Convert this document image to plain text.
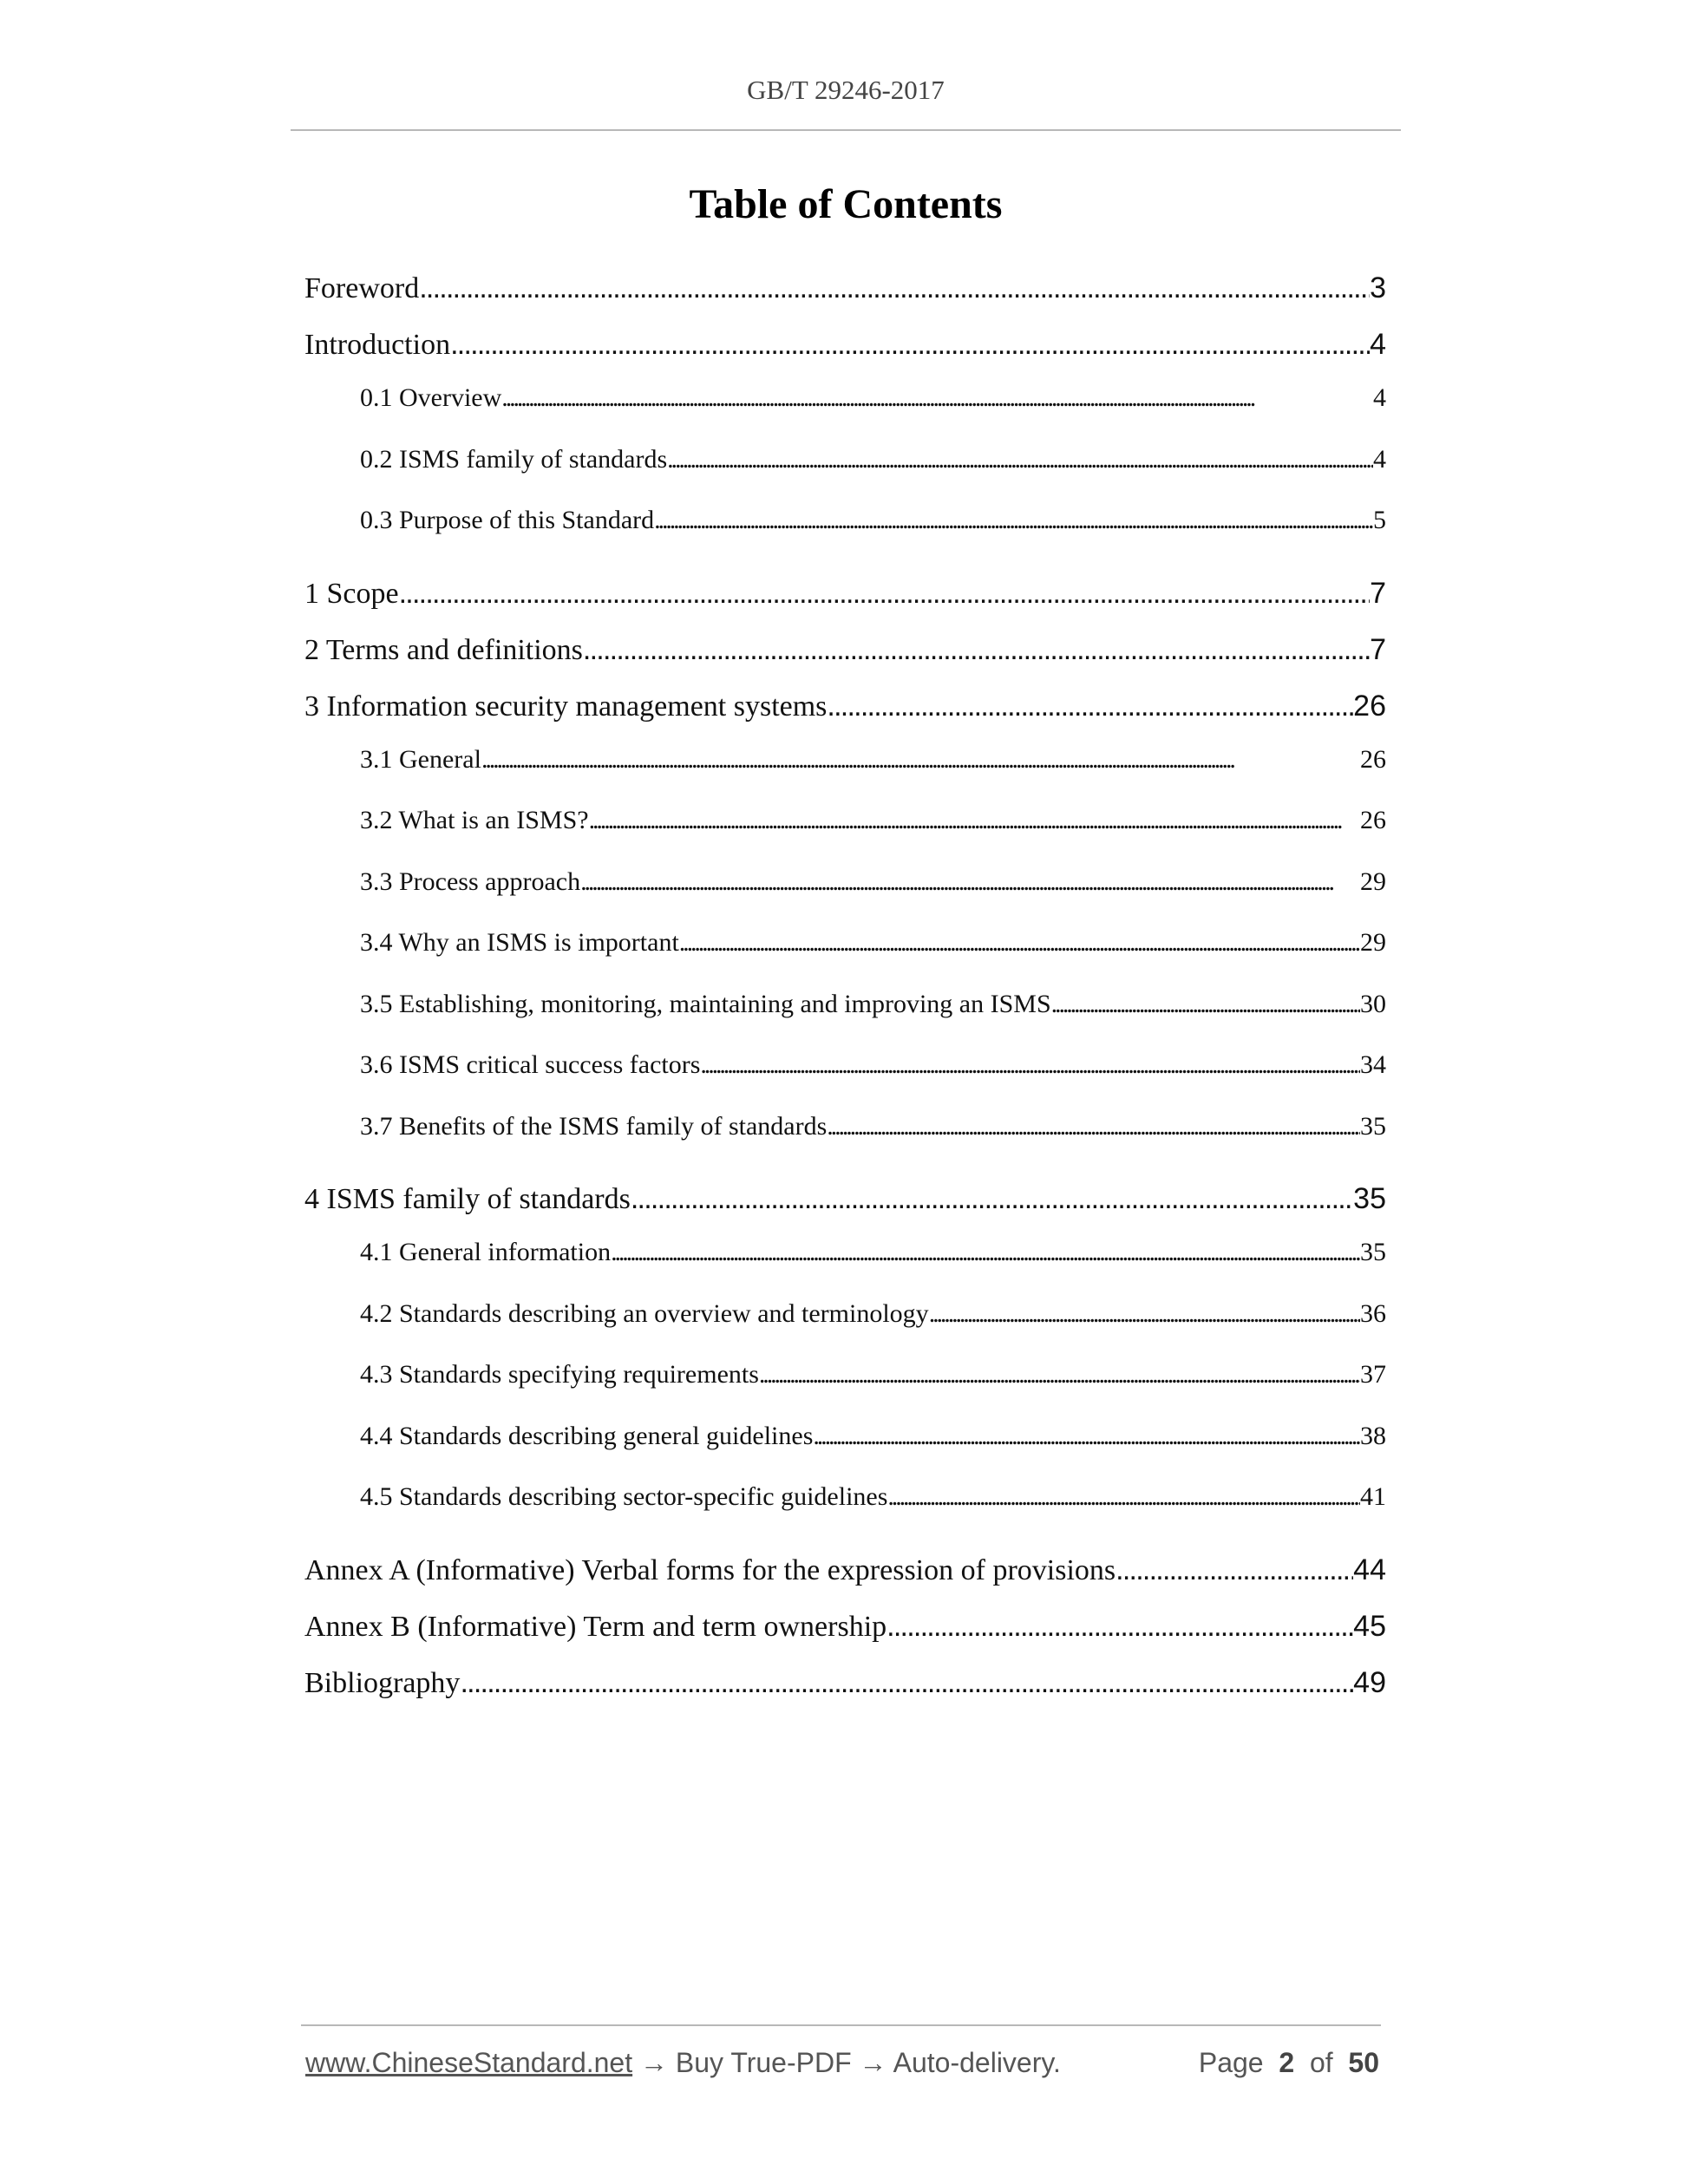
GB/T 29246-2017
Table of Contents
Foreword . . .	3
Introduction . . .	4
0.1 Overview . . .	4
0.2 ISMS family of standards . . .	4
0.3 Purpose of this Standard . . .	5
1 Scope . . .	7
2 Terms and definitions . . .	7
3 Information security management systems . . .	26
3.1 General . . .	26
3.2 What is an ISMS? . . .	26
3.3 Process approach . . .	29
3.4 Why an ISMS is important . . .	29
3.5 Establishing, monitoring, maintaining and improving an ISMS . . .	30
3.6 ISMS critical success factors . . .	34
3.7 Benefits of the ISMS family of standards . . .	35
4 ISMS family of standards . . .	35
4.1 General information . . .	35
4.2 Standards describing an overview and terminology . . .	36
4.3 Standards specifying requirements . . .	37
4.4 Standards describing general guidelines . . .	38
4.5 Standards describing sector-specific guidelines . . .	41
Annex A (Informative) Verbal forms for the expression of provisions . . .	44
Annex B (Informative) Term and term ownership . . .	45
Bibliography . . .	49
www.ChineseStandard.net → Buy True-PDF → Auto-delivery.	Page 2 of 50
